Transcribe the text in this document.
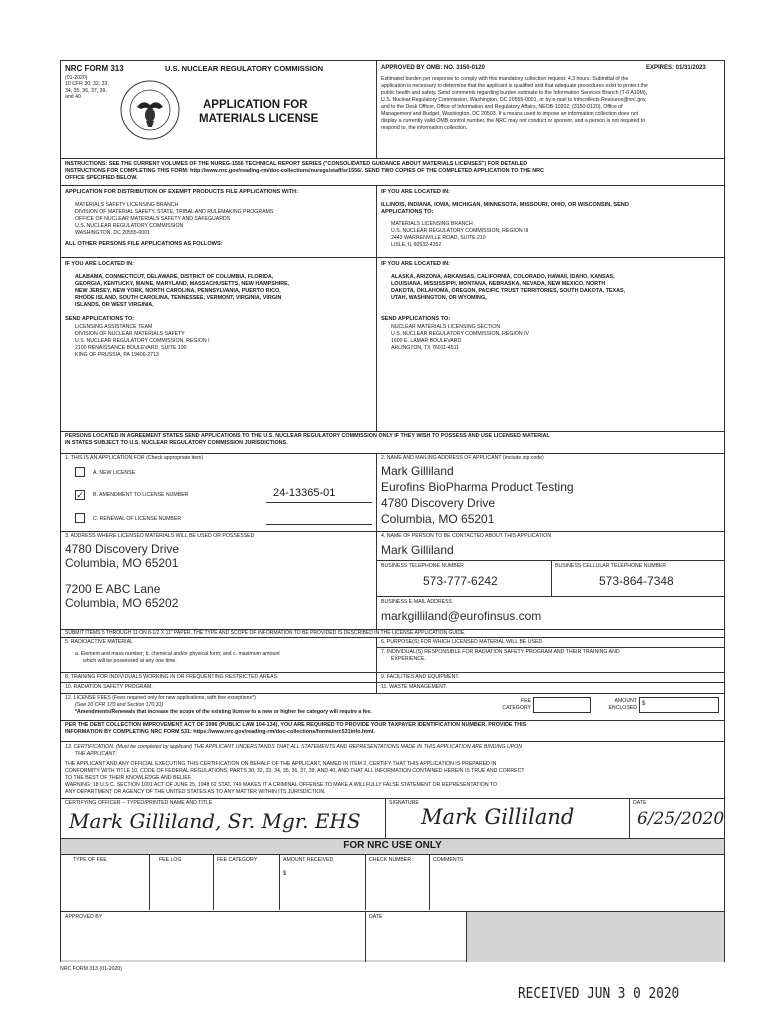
NRC FORM 313
(01-2020)
10 CFR 30, 32, 33, 34, 35, 36, 37, 39, and 40
U.S. NUCLEAR REGULATORY COMMISSION
APPLICATION FOR
MATERIALS LICENSE
APPROVED BY OMB: NO. 3150-0120	EXPIRES: 01/31/2023
Estimated burden per response to comply with this mandatory collection request: 4.3 hours. Submittal of the
application is necessary to determine that the applicant is qualified and that adequate procedures exist to protect the
public health and safety. Send comments regarding burden estimate to the Information Services Branch (T-6 A10M),
U.S. Nuclear Regulatory Commission, Washington, DC 20555-0001, or by e-mail to Infocollects.Resource@nrc.gov,
and to the Desk Officer, Office of Information and Regulatory Affairs, NEOB-10202, (3150-0120), Office of
Management and Budget, Washington, DC 20503. If a means used to impose an information collection does not
display a currently valid OMB control number, the NRC may not conduct or sponsor, and a person is not required to
respond to, the information collection.
INSTRUCTIONS: SEE THE CURRENT VOLUMES OF THE NUREG-1556 TECHNICAL REPORT SERIES ("CONSOLIDATED GUIDANCE ABOUT MATERIALS LICENSES") FOR DETAILED
INSTRUCTIONS FOR COMPLETING THIS FORM: http://www.nrc.gov/reading-rm/doc-collections/nuregs/staff/sr1556/. SEND TWO COPIES OF THE COMPLETED APPLICATION TO THE NRC
OFFICE SPECIFIED BELOW.
APPLICATION FOR DISTRIBUTION OF EXEMPT PRODUCTS FILE APPLICATIONS WITH:
MATERIALS SAFETY LICENSING BRANCH
DIVISION OF MATERIAL SAFETY, STATE, TRIBAL AND RULEMAKING PROGRAMS
OFFICE OF NUCLEAR MATERIALS SAFETY AND SAFEGUARDS
U.S. NUCLEAR REGULATORY COMMISSION
WASHINGTON, DC 20555-0001
ALL OTHER PERSONS FILE APPLICATIONS AS FOLLOWS:
IF YOU ARE LOCATED IN:
ILLINOIS, INDIANA, IOWA, MICHIGAN, MINNESOTA, MISSOURI, OHIO, OR WISCONSIN, SEND
APPLICATIONS TO:
MATERIALS LICENSING BRANCH
U.S. NUCLEAR REGULATORY COMMISSION, REGION III
2443 WARRENVILLE ROAD, SUITE 210
LISLE, IL 60532-4352
IF YOU ARE LOCATED IN:
ALABAMA, CONNECTICUT, DELAWARE, DISTRICT OF COLUMBIA, FLORIDA,
GEORGIA, KENTUCKY, MAINE, MARYLAND, MASSACHUSETTS, NEW HAMPSHIRE,
NEW JERSEY, NEW YORK, NORTH CAROLINA, PENNSYLVANIA, PUERTO RICO,
RHODE ISLAND, SOUTH CAROLINA, TENNESSEE, VERMONT, VIRGINIA, VIRGIN
ISLANDS, OR WEST VIRGINIA,
SEND APPLICATIONS TO:
LICENSING ASSISTANCE TEAM
DIVISION OF NUCLEAR MATERIALS SAFETY
U.S. NUCLEAR REGULATORY COMMISSION, REGION I
2100 RENAISSANCE BOULEVARD, SUITE 100
KING OF PRUSSIA, PA 19406-2713
IF YOU ARE LOCATED IN:
ALASKA, ARIZONA, ARKANSAS, CALIFORNIA, COLORADO, HAWAII, IDAHO, KANSAS,
LOUISIANA, MISSISSIPPI, MONTANA, NEBRASKA, NEVADA, NEW MEXICO, NORTH
DAKOTA, OKLAHOMA, OREGON, PACIFIC TRUST TERRITORIES, SOUTH DAKOTA, TEXAS,
UTAH, WASHINGTON, OR WYOMING,
SEND APPLICATIONS TO:
NUCLEAR MATERIALS LICENSING SECTION
U.S. NUCLEAR REGULATORY COMMISSION, REGION IV
1600 E. LAMAR BOULEVARD
ARLINGTON, TX 76011-4511
PERSONS LOCATED IN AGREEMENT STATES SEND APPLICATIONS TO THE U.S. NUCLEAR REGULATORY COMMISSION ONLY IF THEY WISH TO POSSESS AND USE LICENSED MATERIAL
IN STATES SUBJECT TO U.S. NUCLEAR REGULATORY COMMISSION JURISDICTIONS.
1. THIS IS AN APPLICATION FOR (Check appropriate item)
A. NEW LICENSE
✓ B. AMENDMENT TO LICENSE NUMBER	24-13365-01
C. RENEWAL OF LICENSE NUMBER
2. NAME AND MAILING ADDRESS OF APPLICANT (Include zip code)
Mark Gilliland
Eurofins BioPharma Product Testing
4780 Discovery Drive
Columbia, MO 65201
3. ADDRESS WHERE LICENSED MATERIALS WILL BE USED OR POSSESSED
4780 Discovery Drive
Columbia, MO 65201
7200 E ABC Lane
Columbia, MO 65202
4. NAME OF PERSON TO BE CONTACTED ABOUT THIS APPLICATION
Mark Gilliland
BUSINESS TELEPHONE NUMBER
573-777-6242
BUSINESS CELLULAR TELEPHONE NUMBER
573-864-7348
BUSINESS E-MAIL ADDRESS
markgilliland@eurofinsus.com
SUBMIT ITEMS 5 THROUGH 11 ON 8-1/2 X 11" PAPER. THE TYPE AND SCOPE OF INFORMATION TO BE PROVIDED IS DESCRIBED IN THE LICENSE APPLICATION GUIDE.
5. RADIOACTIVE MATERIAL
a. Element and mass number; b. chemical and/or physical form; and c. maximum amount
which will be possessed at any one time.
6. PURPOSE(S) FOR WHICH LICENSED MATERIAL WILL BE USED.
7. INDIVIDUAL(S) RESPONSIBLE FOR RADIATION SAFETY PROGRAM AND THEIR TRAINING AND
EXPERIENCE.
8. TRAINING FOR INDIVIDUALS WORKING IN OR FREQUENTING RESTRICTED AREAS.	9. FACILITIES AND EQUIPMENT.
10. RADIATION SAFETY PROGRAM.	11. WASTE MANAGEMENT.
12. LICENSE FEES (Fees required only for new applications, with few exceptions*)
(See 10 CFR 170 and Section 170.31)
*Amendments/Renewals that increase the scope of the existing license to a new or higher fee category will require a fee.
FEE CATEGORY
AMOUNT ENCLOSED
$
PER THE DEBT COLLECTION IMPROVEMENT ACT OF 1996 (PUBLIC LAW 104-134), YOU ARE REQUIRED TO PROVIDE YOUR TAXPAYER IDENTIFICATION NUMBER. PROVIDE THIS
INFORMATION BY COMPLETING NRC FORM 531: https://www.nrc.gov/reading-rm/doc-collections/forms/nrc531info.html.
13. CERTIFICATION. (Must be completed by applicant) THE APPLICANT UNDERSTANDS THAT ALL STATEMENTS AND REPRESENTATIONS MADE IN THIS APPLICATION ARE BINDING UPON
THE APPLICANT.
THE APPLICANT AND ANY OFFICIAL EXECUTING THIS CERTIFICATION ON BEHALF OF THE APPLICANT, NAMED IN ITEM 2, CERTIFY THAT THIS APPLICATION IS PREPARED IN
CONFORMITY WITH TITLE 10, CODE OF FEDERAL REGULATIONS, PARTS 30, 32, 33, 34, 35, 36, 37, 39, AND 40, AND THAT ALL INFORMATION CONTAINED HEREIN IS TRUE AND CORRECT
TO THE BEST OF THEIR KNOWLEDGE AND BELIEF.
WARNING: 18 U.S.C. SECTION 1001 ACT OF JUNE 25, 1948 62 STAT. 749 MAKES IT A CRIMINAL OFFENSE TO MAKE A WILLFULLY FALSE STATEMENT OR REPRESENTATION TO
ANY DEPARTMENT OR AGENCY OF THE UNITED STATES AS TO ANY MATTER WITHIN ITS JURISDICTION.
CERTIFYING OFFICER -- TYPED/PRINTED NAME AND TITLE
Mark Gilliland, Sr. Mgr. EHS
SIGNATURE
Mark Gilliland
DATE
6/25/2020
FOR NRC USE ONLY
TYPE OF FEE	FEE LOG	FEE CATEGORY	AMOUNT RECEIVED
$
CHECK NUMBER	COMMENTS
APPROVED BY	DATE
NRC FORM 313 (01-2020)
RECEIVED JUN 3 0 2020
